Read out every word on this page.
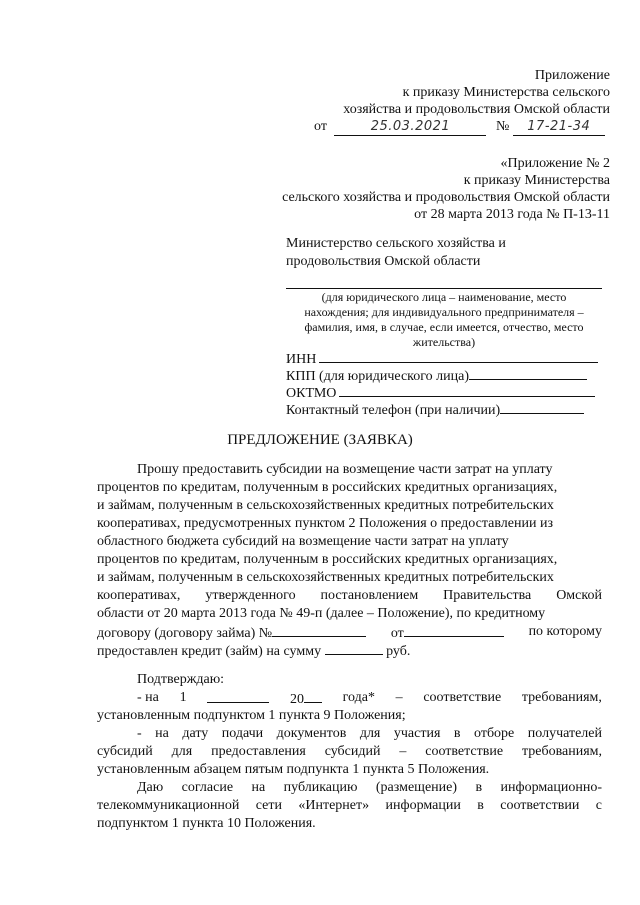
Приложение
к приказу Министерства сельского
хозяйства и продовольствия Омской области
от	25.03.2021	№ 17-21-34
«Приложение № 2
к приказу Министерства
сельского хозяйства и продовольствия Омской области
от 28 марта 2013 года № П-13-11
Министерство сельского хозяйства и
продовольствия Омской области
(для юридического лица – наименование, место
нахождения; для индивидуального предпринимателя –
фамилия, имя, в случае, если имеется, отчество, место
жительства)
ИНН
КПП (для юридического лица)
ОКТМО
Контактный телефон (при наличии)
ПРЕДЛОЖЕНИЕ (ЗАЯВКА)
Прошу предоставить субсидии на возмещение части затрат на уплату
процентов по кредитам, полученным в российских кредитных организациях,
и займам, полученным в сельскохозяйственных кредитных потребительских
кооперативах, предусмотренных пунктом 2 Положения о предоставлении из
областного бюджета субсидий на возмещение части затрат на уплату
процентов по кредитам, полученным в российских кредитных организациях,
и займам, полученным в сельскохозяйственных кредитных потребительских
кооперативах, утвержденного постановлением Правительства Омской
области от 20 марта 2013 года № 49-п (далее – Положение), по кредитному
договору (договору займа) №	от	по которому
предоставлен кредит (займ) на сумму	руб.
Подтверждаю:
- на 1	20	года* – соответствие требованиям,
установленным подпунктом 1 пункта 9 Положения;
- на дату подачи документов для участия в отборе получателей
субсидий для предоставления субсидий – соответствие требованиям,
установленным абзацем пятым подпункта 1 пункта 5 Положения.
Даю согласие на публикацию (размещение) в информационно-
телекоммуникационной сети «Интернет» информации в соответствии с
подпунктом 1 пункта 10 Положения.
